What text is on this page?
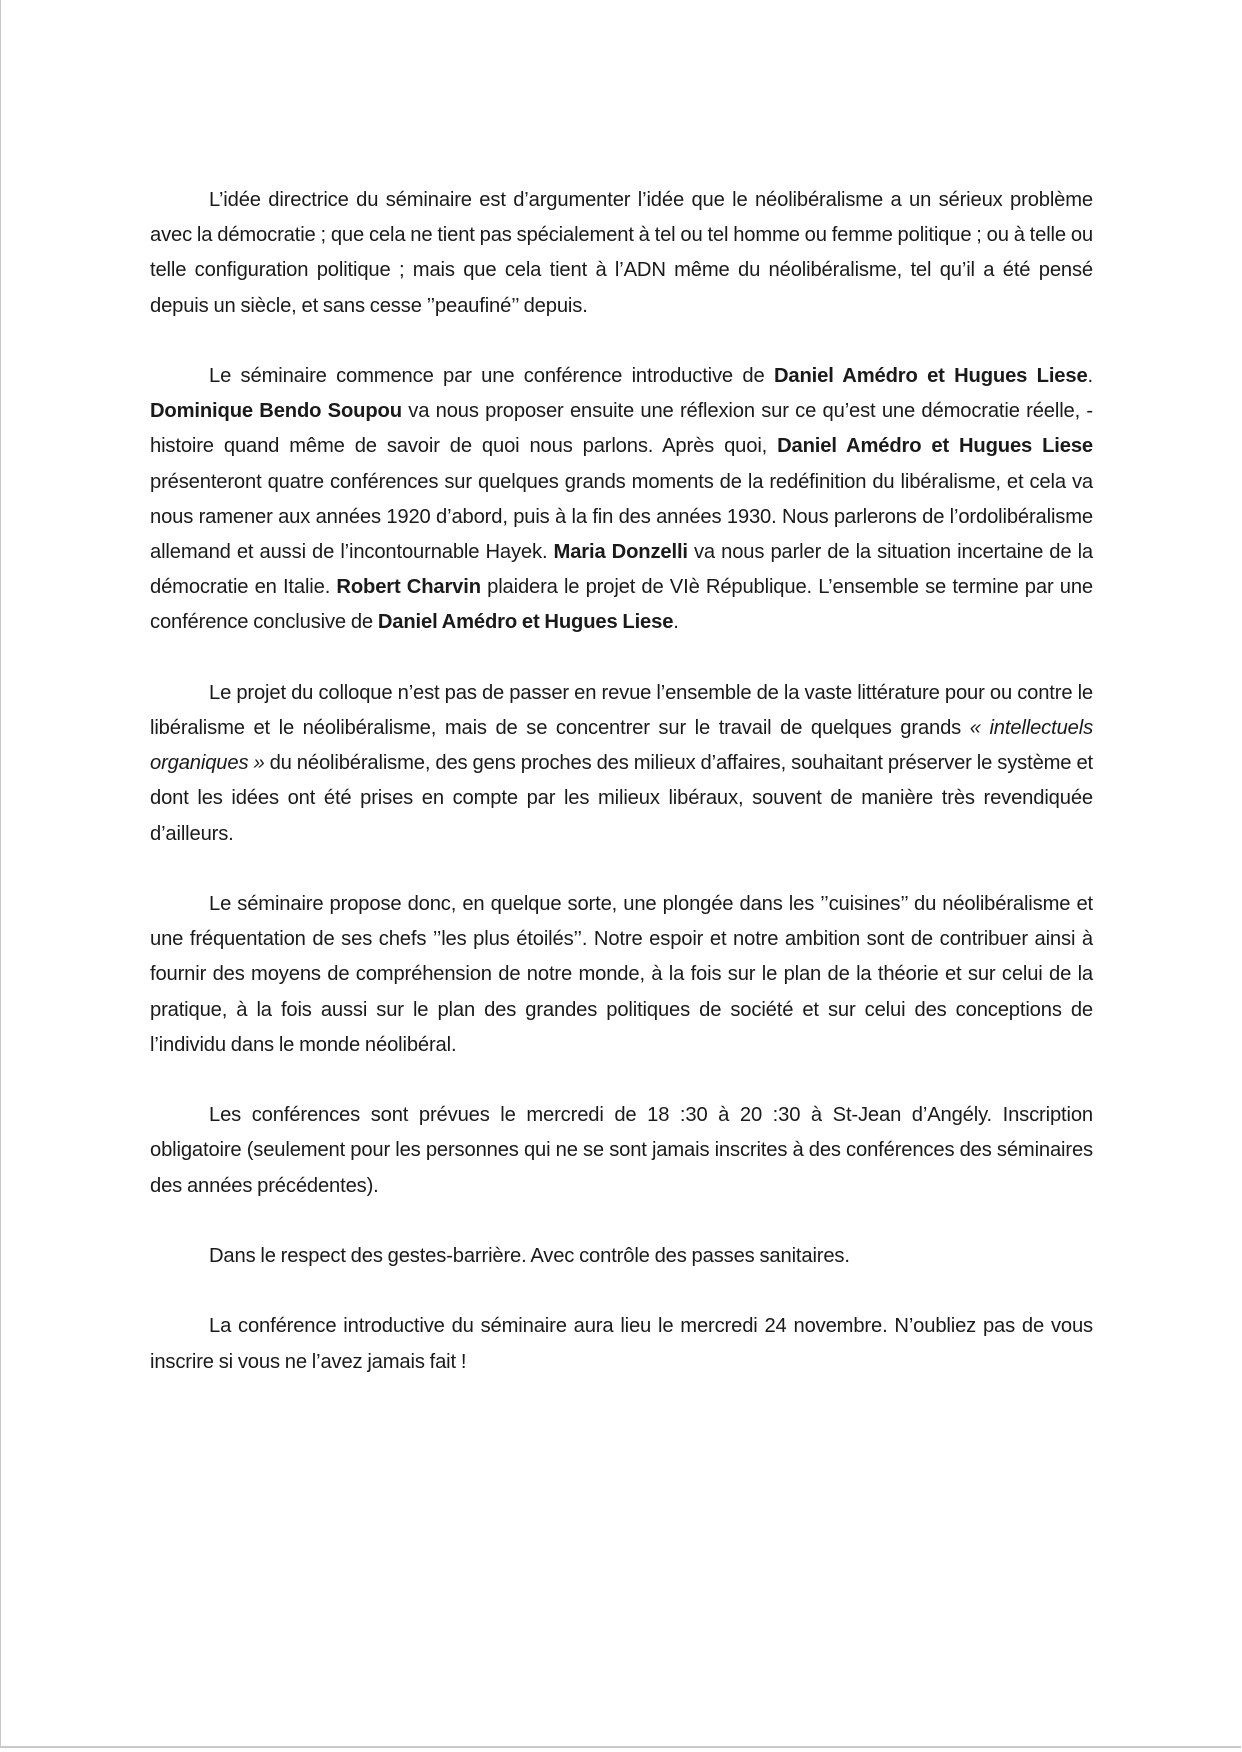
L’idée directrice du séminaire est d’argumenter l’idée que le néolibéralisme a un sérieux problème avec la démocratie ; que cela ne tient pas spécialement à tel ou tel homme ou femme politique ; ou à telle ou telle configuration politique ; mais que cela tient à l’ADN même du néolibéralisme, tel qu’il a été pensé depuis un siècle, et sans cesse ’’peaufiné’’ depuis.

Le séminaire commence par une conférence introductive de Daniel Amédro et Hugues Liese. Dominique Bendo Soupou va nous proposer ensuite une réflexion sur ce qu’est une démocratie réelle, -histoire quand même de savoir de quoi nous parlons. Après quoi, Daniel Amédro et Hugues Liese présenteront quatre conférences sur quelques grands moments de la redéfinition du libéralisme, et cela va nous ramener aux années 1920 d’abord, puis à la fin des années 1930. Nous parlerons de l’ordolibéralisme allemand et aussi de l’incontournable Hayek. Maria Donzelli va nous parler de la situation incertaine de la démocratie en Italie. Robert Charvin plaidera le projet de VIè République. L’ensemble se termine par une conférence conclusive de Daniel Amédro et Hugues Liese.

Le projet du colloque n’est pas de passer en revue l’ensemble de la vaste littérature pour ou contre le libéralisme et le néolibéralisme, mais de se concentrer sur le travail de quelques grands « intellectuels organiques » du néolibéralisme, des gens proches des milieux d’affaires, souhaitant préserver le système et dont les idées ont été prises en compte par les milieux libéraux, souvent de manière très revendiquée d’ailleurs.

Le séminaire propose donc, en quelque sorte, une plongée dans les ’’cuisines’’ du néolibéralisme et une fréquentation de ses chefs ’’les plus étoilés’’. Notre espoir et notre ambition sont de contribuer ainsi à fournir des moyens de compréhension de notre monde, à la fois sur le plan de la théorie et sur celui de la pratique, à la fois aussi sur le plan des grandes politiques de société et sur celui des conceptions de l’individu dans le monde néolibéral.

Les conférences sont prévues le mercredi de 18 :30 à 20 :30 à St-Jean d’Angély. Inscription obligatoire (seulement pour les personnes qui ne se sont jamais inscrites à des conférences des séminaires des années précédentes).

Dans le respect des gestes-barrière. Avec contrôle des passes sanitaires.

La conférence introductive du séminaire aura lieu le mercredi 24 novembre. N’oubliez pas de vous inscrire si vous ne l’avez jamais fait !
